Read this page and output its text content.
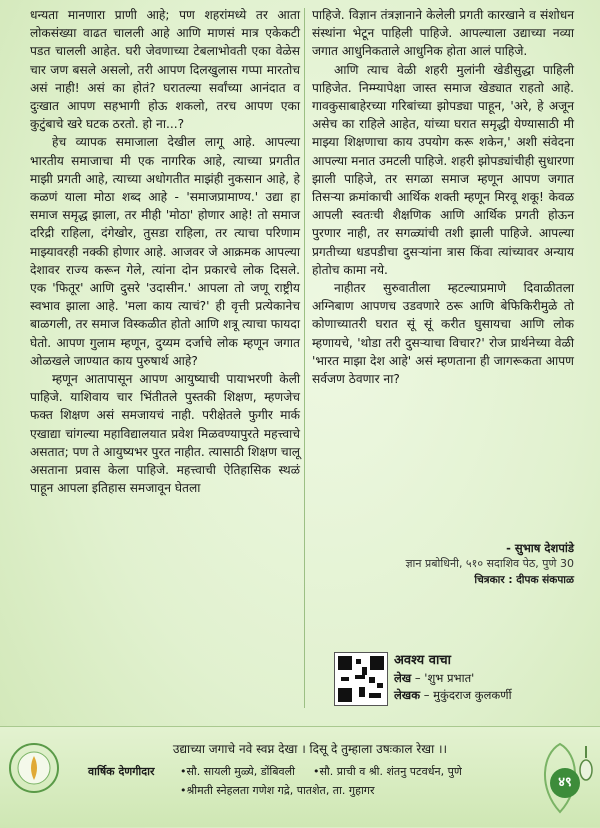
धन्यता मानणारा प्राणी आहे; पण शहरांमध्ये तर आता लोकसंख्या वाढत चालली आहे आणि माणसं मात्र एकेकटी पडत चालली आहेत. घरी जेवणाच्या टेबलाभोवती एका वेळेस चार जण बसले असलो, तरी आपण दिलखुलास गप्पा मारतोच असं नाही! असं का होतं? घरातल्या सर्वांच्या आनंदात व दुःखात आपण सहभागी होऊ शकलो, तरच आपण एका कुटुंबाचे खरे घटक ठरतो. हो ना...?

हेच व्यापक समाजाला देखील लागू आहे. आपल्या भारतीय समाजाचा मी एक नागरिक आहे, त्याच्या प्रगतीत माझी प्रगती आहे, त्याच्या अधोगतीत माझंही नुकसान आहे, हे कळणं याला मोठा शब्द आहे - 'समाजप्रामाण्य.' उद्या हा समाज समृद्ध झाला, तर मीही 'मोठा' होणार आहे! तो समाज दरिद्री राहिला, दंगेखोर, तुसडा राहिला, तर त्याचा परिणाम माझ्यावरही नक्की होणार आहे. आजवर जे आक्रमक आपल्या देशावर राज्य करून गेले, त्यांना दोन प्रकारचे लोक दिसले. एक 'फितूर' आणि दुसरे 'उदासीन.' आपला तो जणू राष्ट्रीय स्वभाव झाला आहे. 'मला काय त्याचं?' ही वृत्ती प्रत्येकानेच बाळगली, तर समाज विस्कळीत होतो आणि शत्रू त्याचा फायदा घेतो. आपण गुलाम म्हणून, दुय्यम दर्जाचे लोक म्हणून जगात ओळखले जाण्यात काय पुरुषार्थ आहे?

म्हणून आतापासून आपण आयुष्याची पायाभरणी केली पाहिजे. याशिवाय चार भिंतीतले पुस्तकी शिक्षण, म्हणजेच फक्त शिक्षण असं समजायचं नाही. परीक्षेतले फुगीर मार्क एखाद्या चांगल्या महाविद्यालयात प्रवेश मिळवण्यापुरते महत्त्वाचे असतात; पण ते आयुष्यभर पुरत नाहीत. त्यासाठी शिक्षण चालू असताना प्रवास केला पाहिजे. महत्त्वाची ऐतिहासिक स्थळं पाहून आपला इतिहास समजावून घेतला

पाहिजे. विज्ञान तंत्रज्ञानाने केलेली प्रगती कारखाने व संशोधन संस्थांना भेटून पाहिली पाहिजे. आपल्याला उद्याच्या नव्या जगात आधुनिकताले आधुनिक होता आलं पाहिजे.

आणि त्याच वेळी शहरी मुलांनी खेडीसुद्धा पाहिली पाहिजेत. निम्म्यापेक्षा जास्त समाज खेड्यात राहतो आहे. गावकुसाबाहेरच्या गरिबांच्या झोपड्या पाहून, 'अरे, हे अजून असेच का राहिले आहेत, यांच्या घरात समृद्धी येण्यासाठी मी माझ्या शिक्षणाचा काय उपयोग करू शकेन,' अशी संवेदना आपल्या मनात उमटली पाहिजे. शहरी झोपड्यांचीही सुधारणा झाली पाहिजे, तर सगळा समाज म्हणून आपण जगात तिसऱ्या क्रमांकाची आर्थिक शक्ती म्हणून मिरवू शकू! केवळ आपली स्वतःची शैक्षणिक आणि आर्थिक प्रगती होऊन पुरणार नाही, तर सगळ्यांची तशी झाली पाहिजे. आपल्या प्रगतीच्या धडपडीचा दुसऱ्यांना त्रास किंवा त्यांच्यावर अन्याय होतोच कामा नये.

नाहीतर सुरुवातीला म्हटल्याप्रमाणे दिवाळीतला अग्निबाण आपणच उडवणारे ठरू आणि बेफिकिरीमुळे तो कोणाच्यातरी घरात सूं सूं करीत घुसायचा आणि लोक म्हणायचे, 'थोडा तरी दुसऱ्याचा विचार?' रोज प्रार्थनेच्या वेळी 'भारत माझा देश आहे' असं म्हणताना ही जागरूकता आपण सर्वजण ठेवणार ना?

- सुभाष देशपांडे
ज्ञान प्रबोधिनी, ५१० सदाशिव पेठ, पुणे 30
चित्रकार : दीपक संकपाळ
अवश्य वाचा
लेख – 'शुभ प्रभात'
लेखक – मुकुंदराज कुलकर्णी
उद्याच्या जगाचे नवे स्वप्न देखा । दिसू दे तुम्हाला उषःकाल रेखा ।।
वार्षिक देणगीदार	• सौ. सायली मुळ्ये, डोंबिवली • सौ. प्राची व श्री. शंतनु पटवर्धन, पुणे
• श्रीमती स्नेहलता गणेश गद्रे, पातशेत, ता. गुहागर
४९
